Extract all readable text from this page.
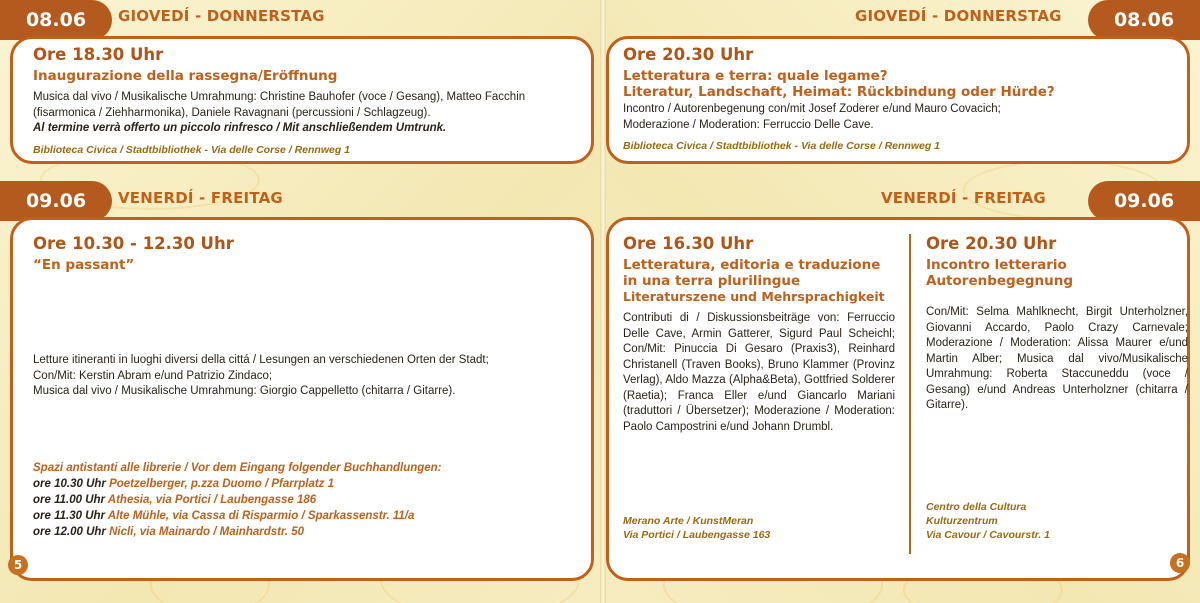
08.06	GIOVEDÍ - DONNERSTAG
Ore 18.30 Uhr
Inaugurazione della rassegna/Eröffnung
Musica dal vivo / Musikalische Umrahmung: Christine Bauhofer (voce / Gesang), Matteo Facchin
(fisarmonica / Ziehharmonika), Daniele Ravagnani (percussioni / Schlagzeug).
Al termine verrà offerto un piccolo rinfresco / Mit anschließendem Umtrunk.
Biblioteca Civica / Stadtbibliothek - Via delle Corse / Rennweg 1
09.06	VENERDÍ - FREITAG
Ore 10.30 - 12.30 Uhr
“En passant”
Letture itineranti in luoghi diversi della cittá / Lesungen an verschiedenen Orten der Stadt;
Con/Mit: Kerstin Abram e/und Patrizio Zindaco;
Musica dal vivo / Musikalische Umrahmung: Giorgio Cappelletto (chitarra / Gitarre).
Spazi antistanti alle librerie / Vor dem Eingang folgender Buchhandlungen:
ore 10.30 Uhr Poetzelberger, p.zza Duomo / Pfarrplatz 1
ore 11.00 Uhr Athesia, via Portici / Laubengasse 186
ore 11.30 Uhr Alte Mühle, via Cassa di Risparmio / Sparkassenstr. 11/a
ore 12.00 Uhr Nicli, via Mainardo / Mainhardstr. 50
5
GIOVEDÍ - DONNERSTAG	08.06
Ore 20.30 Uhr
Letteratura e terra: quale legame?
Literatur, Landschaft, Heimat: Rückbindung oder Hürde?
Incontro / Autorenbegenung con/mit Josef Zoderer e/und Mauro Covacich;
Moderazione / Moderation: Ferruccio Delle Cave.
Biblioteca Civica / Stadtbibliothek - Via delle Corse / Rennweg 1
VENERDÍ - FREITAG	09.06
Ore 16.30 Uhr
Letteratura, editoria e traduzione
in una terra plurilingue
Literaturszene und Mehrsprachigkeit
Contributi di / Diskussionsbeiträge von: Ferruccio Delle Cave, Armin Gatterer, Sigurd Paul Scheichl; Con/Mit: Pinuccia Di Gesaro (Praxis3), Reinhard Christanell (Traven Books), Bruno Klammer (Provinz Verlag), Aldo Mazza (Alpha&Beta), Gottfried Solderer (Raetia); Franca Eller e/und Giancarlo Mariani (traduttori / Übersetzer); Moderazione / Moderation: Paolo Campostrini e/und Johann Drumbl.
Merano Arte / KunstMeran
Via Portici / Laubengasse 163
Ore 20.30 Uhr
Incontro letterario
Autorenbegegnung
Con/Mit: Selma Mahlknecht, Birgit Unterholzner, Giovanni Accardo, Paolo Crazy Carnevale; Moderazione / Moderation: Alissa Maurer e/und Martin Alber; Musica dal vivo/Musikalische Umrahmung: Roberta Staccuneddu (voce / Gesang) e/und Andreas Unterholzner (chitarra / Gitarre).
Centro della Cultura
Kulturzentrum
Via Cavour / Cavourstr. 1
6
